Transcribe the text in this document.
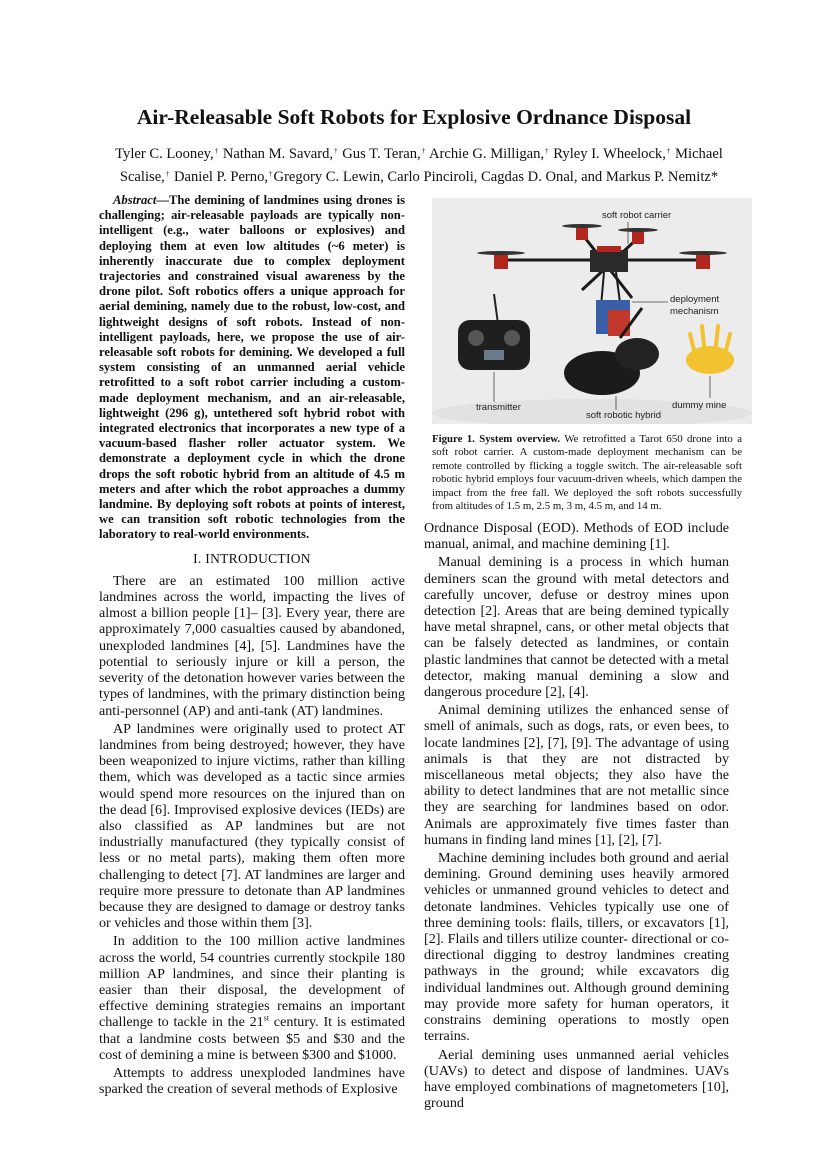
Air-Releasable Soft Robots for Explosive Ordnance Disposal
Tyler C. Looney,† Nathan M. Savard,† Gus T. Teran,† Archie G. Milligan,† Ryley I. Wheelock,† Michael
Scalise,† Daniel P. Perno,†Gregory C. Lewin, Carlo Pinciroli, Cagdas D. Onal, and Markus P. Nemitz*

Abstract—The demining of landmines using drones is challenging; air-releasable payloads are typically non-intelligent (e.g., water balloons or explosives) and deploying them at even low altitudes (~6 meter) is inherently inaccurate due to complex deployment trajectories and constrained visual awareness by the drone pilot. Soft robotics offers a unique approach for aerial demining, namely due to the robust, low-cost, and lightweight designs of soft robots. Instead of non-intelligent payloads, here, we propose the use of air-releasable soft robots for demining. We developed a full system consisting of an unmanned aerial vehicle retrofitted to a soft robot carrier including a custom-made deployment mechanism, and an air-releasable, lightweight (296 g), untethered soft hybrid robot with integrated electronics that incorporates a new type of a vacuum-based flasher roller actuator system. We demonstrate a deployment cycle in which the drone drops the soft robotic hybrid from an altitude of 4.5 m meters and after which the robot approaches a dummy landmine. By deploying soft robots at points of interest, we can transition soft robotic technologies from the laboratory to real-world environments.

I. INTRODUCTION

There are an estimated 100 million active landmines across the world, impacting the lives of almost a billion people [1]– [3]. Every year, there are approximately 7,000 casualties caused by abandoned, unexploded landmines [4], [5]. Landmines have the potential to seriously injure or kill a person, the severity of the detonation however varies between the types of landmines, with the primary distinction being anti-personnel (AP) and anti-tank (AT) landmines.

AP landmines were originally used to protect AT landmines from being destroyed; however, they have been weaponized to injure victims, rather than killing them, which was developed as a tactic since armies would spend more resources on the injured than on the dead [6]. Improvised explosive devices (IEDs) are also classified as AP landmines but are not industrially manufactured (they typically consist of less or no metal parts), making them often more challenging to detect [7]. AT landmines are larger and require more pressure to detonate than AP landmines because they are designed to damage or destroy tanks or vehicles and those within them [3].

In addition to the 100 million active landmines across the world, 54 countries currently stockpile 180 million AP landmines, and since their planting is easier than their disposal, the development of effective demining strategies remains an important challenge to tackle in the 21st century. It is estimated that a landmine costs between $5 and $30 and the cost of demining a mine is between $300 and $1000.

Attempts to address unexploded landmines have sparked the creation of several methods of Explosive

soft robot carrier
deployment
mechanism
transmitter
soft robotic hybrid
dummy mine
Figure 1. System overview. We retrofitted a Tarot 650 drone into a soft robot carrier. A custom-made deployment mechanism can be remote controlled by flicking a toggle switch. The air-releasable soft robotic hybrid employs four vacuum-driven wheels, which dampen the impact from the free fall. We deployed the soft robots successfully from altitudes of 1.5 m, 2.5 m, 3 m, 4.5 m, and 14 m.

Ordnance Disposal (EOD). Methods of EOD include manual, animal, and machine demining [1].

Manual demining is a process in which human deminers scan the ground with metal detectors and carefully uncover, defuse or destroy mines upon detection [2]. Areas that are being demined typically have metal shrapnel, cans, or other metal objects that can be falsely detected as landmines, or contain plastic landmines that cannot be detected with a metal detector, making manual demining a slow and dangerous procedure [2], [4].

Animal demining utilizes the enhanced sense of smell of animals, such as dogs, rats, or even bees, to locate landmines [2], [7], [9]. The advantage of using animals is that they are not distracted by miscellaneous metal objects; they also have the ability to detect landmines that are not metallic since they are searching for landmines based on odor. Animals are approximately five times faster than humans in finding land mines [1], [2], [7].

Machine demining includes both ground and aerial demining. Ground demining uses heavily armored vehicles or unmanned ground vehicles to detect and detonate landmines. Vehicles typically use one of three demining tools: flails, tillers, or excavators [1], [2]. Flails and tillers utilize counter- directional or co-directional digging to destroy landmines creating pathways in the ground; while excavators dig individual landmines out. Although ground demining may provide more safety for human operators, it constrains demining operations to mostly open terrains.

Aerial demining uses unmanned aerial vehicles (UAVs) to detect and dispose of landmines. UAVs have employed combinations of magnetometers [10], ground
